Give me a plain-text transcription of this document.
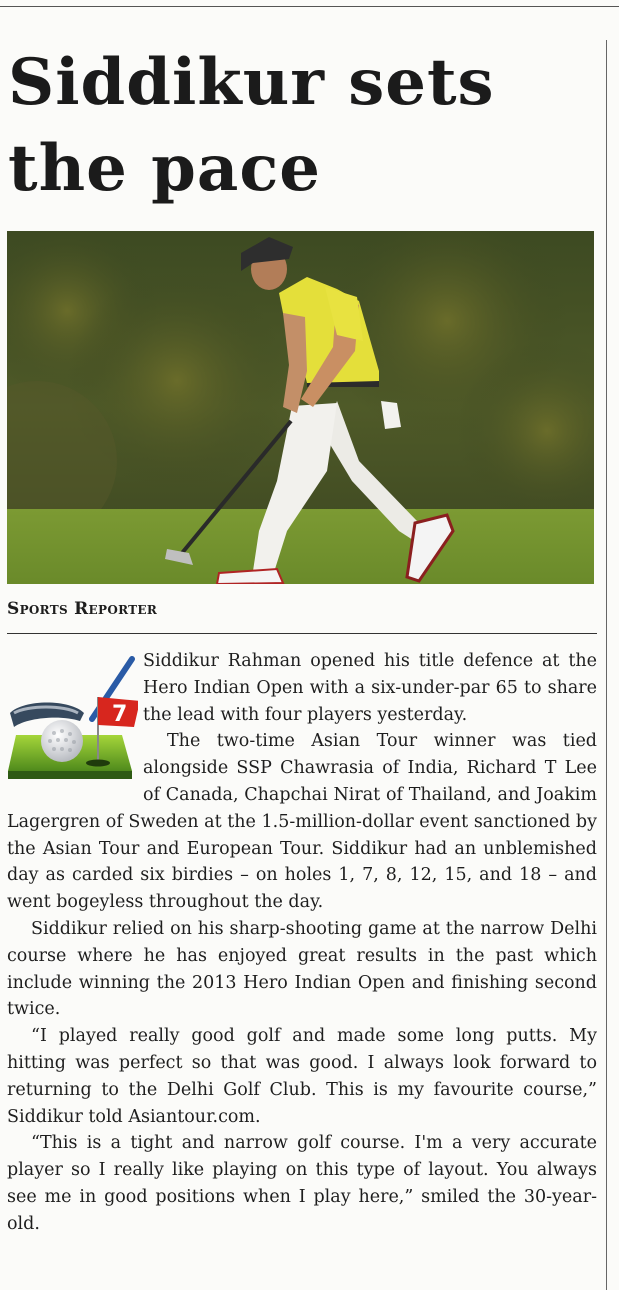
Siddikur sets the pace

Sports Reporter

7

Siddikur Rahman opened his title defence at the Hero Indian Open with a six-under-par 65 to share the lead with four players yesterday.

The two-time Asian Tour winner was tied alongside SSP Chawrasia of India, Richard T Lee of Canada, Chapchai Nirat of Thailand, and Joakim Lagergren of Sweden at the 1.5-million-dollar event sanctioned by the Asian Tour and European Tour. Siddikur had an unblemished day as carded six birdies – on holes 1, 7, 8, 12, 15, and 18 – and went bogeyless throughout the day.

Siddikur relied on his sharp-shooting game at the narrow Delhi course where he has enjoyed great results in the past which include winning the 2013 Hero Indian Open and finishing second twice.

“I played really good golf and made some long putts. My hitting was perfect so that was good. I always look forward to returning to the Delhi Golf Club. This is my favourite course,” Siddikur told Asiantour.com.

“This is a tight and narrow golf course. I'm a very accurate player so I really like playing on this type of layout. You always see me in good positions when I play here,” smiled the 30-year-old.
